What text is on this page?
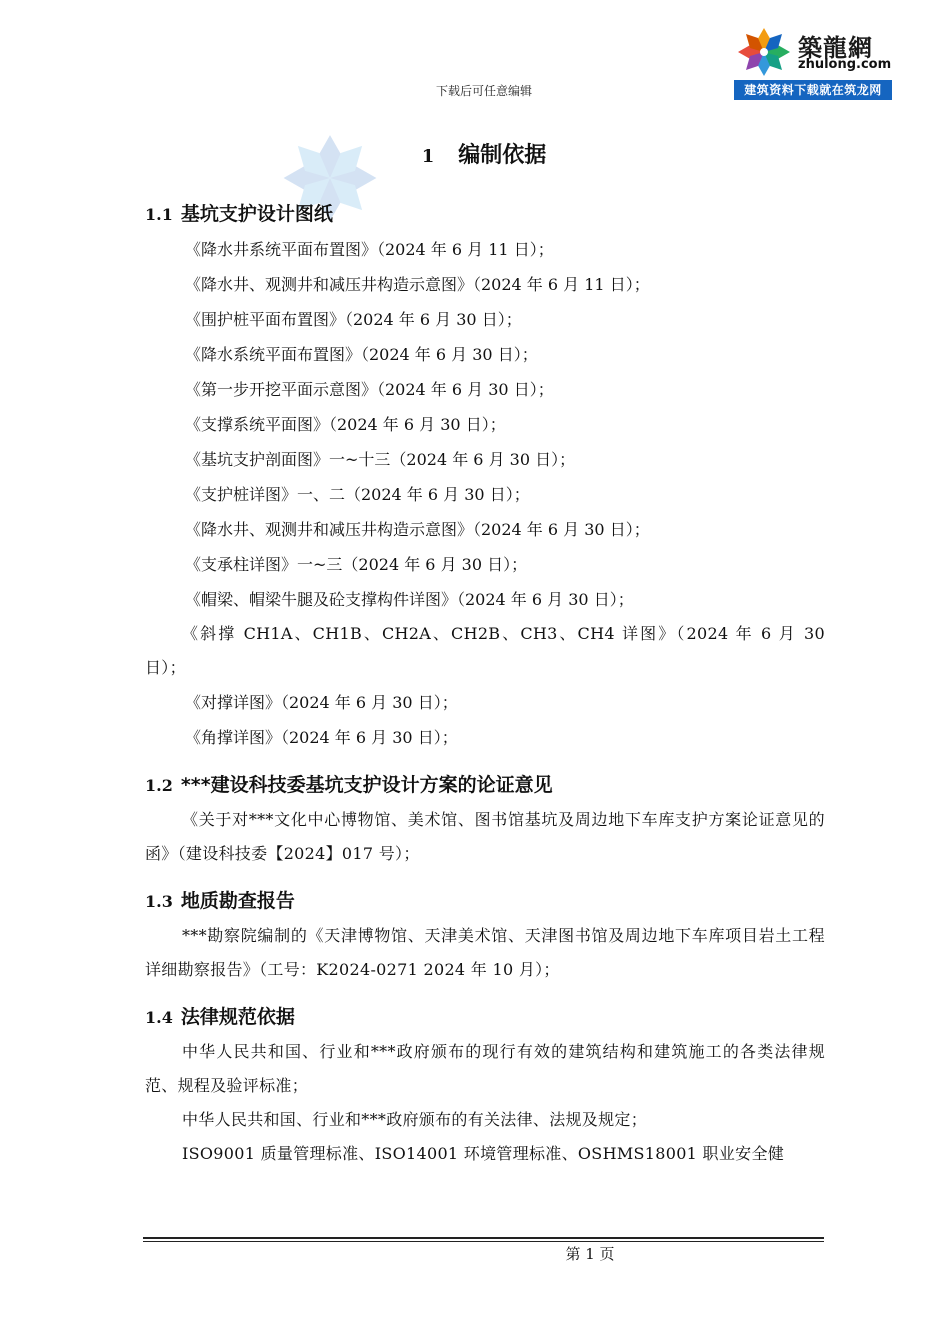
下载后可任意编辑
築龍網
zhulong.com
建筑资料下载就在筑龙网
1 编制依据
1.1 基坑支护设计图纸
《降水井系统平面布置图》（2024 年 6 月 11 日）；
《降水井、观测井和减压井构造示意图》（2024 年 6 月 11 日）；
《围护桩平面布置图》（2024 年 6 月 30 日）；
《降水系统平面布置图》（2024 年 6 月 30 日）；
《第一步开挖平面示意图》（2024 年 6 月 30 日）；
《支撑系统平面图》（2024 年 6 月 30 日）；
《基坑支护剖面图》一~十三（2024 年 6 月 30 日）；
《支护桩详图》一、二（2024 年 6 月 30 日）；
《降水井、观测井和减压井构造示意图》（2024 年 6 月 30 日）；
《支承柱详图》一~三（2024 年 6 月 30 日）；
《帽梁、帽梁牛腿及砼支撑构件详图》（2024 年 6 月 30 日）；
《斜撑 CH1A、CH1B、CH2A、CH2B、CH3、CH4 详图》（2024 年 6 月 30 日）；
《对撑详图》（2024 年 6 月 30 日）；
《角撑详图》（2024 年 6 月 30 日）；
1.2 ***建设科技委基坑支护设计方案的论证意见
《关于对***文化中心博物馆、美术馆、图书馆基坑及周边地下车库支护方案论证意见的函》（建设科技委【2024】017 号）；
1.3 地质勘查报告
***勘察院编制的《天津博物馆、天津美术馆、天津图书馆及周边地下车库项目岩土工程详细勘察报告》（工号：K2024-0271 2024 年 10 月）；
1.4 法律规范依据
中华人民共和国、行业和***政府颁布的现行有效的建筑结构和建筑施工的各类法律规范、规程及验评标准；
中华人民共和国、行业和***政府颁布的有关法律、法规及规定；
ISO9001 质量管理标准、ISO14001 环境管理标准、OSHMS18001 职业安全健
第 1 页
